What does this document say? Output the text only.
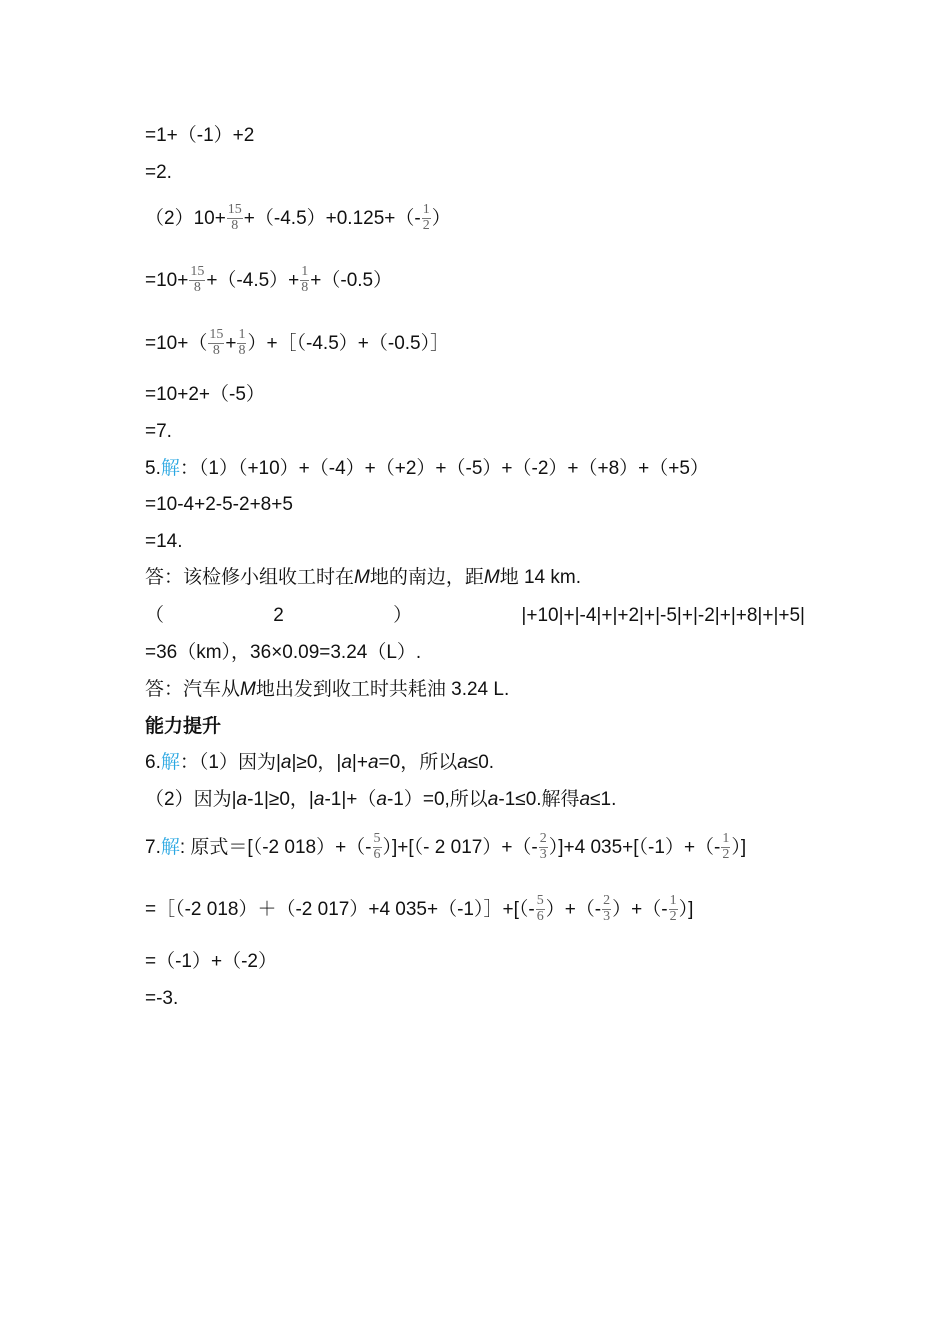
=1+（-1）+2
=2.
$(2)10+ \frac{15}{8} +(-4.5)+0.125+(- \frac{1}{2}$ ）
$=10+ \frac{15}{8} +(-4.5)+ \frac{1}{8} +(-0.5)$
$=10+( \frac{15}{8} + \frac{1}{8}$ ）+［（-4.5）+（-0.5）］
=10+2+（-5）
=7.
5. 解 ：（1）（+10）+（-4）+（+2）+（-5）+（-2）+（+8）+（+5）
=10-4+2-5-2+8+5
=14.
答：该检修小组收工时在 M 地的南边，距 M 地 14 km.
（	2	）	|+10|+|-4|+|+2|+|-5|+|-2|+|+8|+|+5|
=36（km），36×0.09=3.24（L）.
答：汽车从 M 地出发到收工时共耗油 3.24 L.
能力提升
6. 解 ：（1）因为| a |≥0，| a |+ a =0，所以 a ≤0.
（2）因为| a -1|≥0，| a -1|+（ a -1）=0,所以 a -1≤0.解得 a ≤1.
7. 解 : 原式＝[（-2 $018)+(- \frac{5}{6}$ ）]+[（- 2 $017)+(- \frac{2}{3} )]+4$ $035+[(-1)+(- \frac{1}{2}$ ）]
=［（-2 018）＋（-2 017）+4 035+（-1）］+[（- $\frac{5}{6}$ ）+（- $\frac{2}{3}$ ）+（- $\frac{1}{2}$ ）]
=（-1）+（-2）
=-3.
